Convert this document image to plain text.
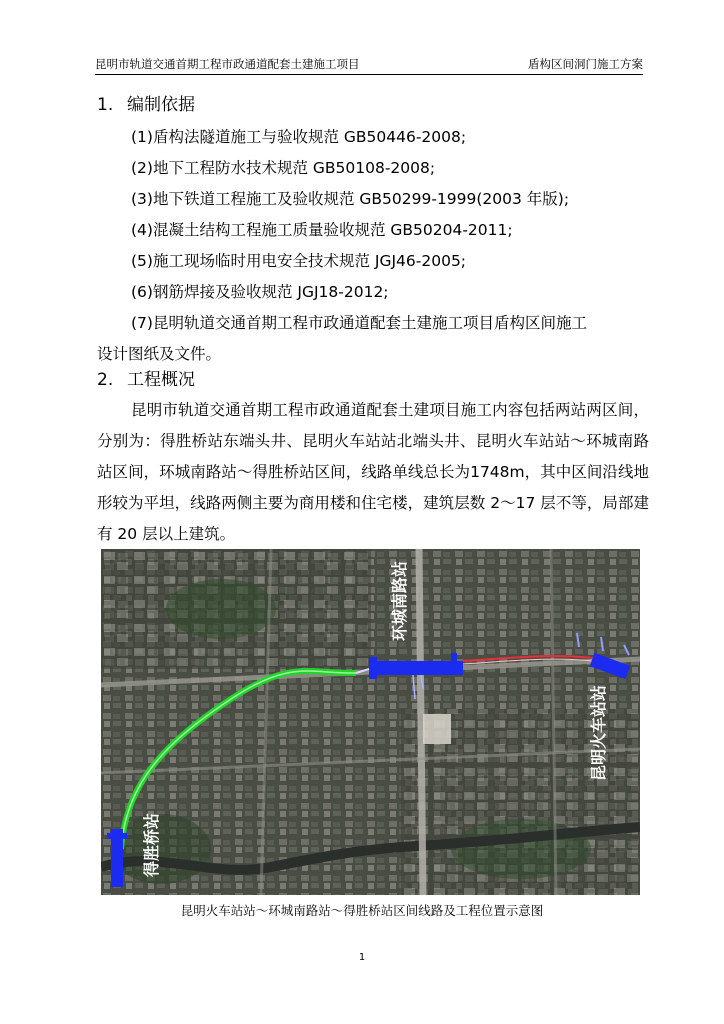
昆明市轨道交通首期工程市政通道配套土建施工项目	盾构区间洞门施工方案
1. 编制依据
(1)盾构法隧道施工与验收规范 GB50446-2008;
(2)地下工程防水技术规范 GB50108-2008;
(3)地下铁道工程施工及验收规范 GB50299-1999(2003 年版);
(4)混凝土结构工程施工质量验收规范 GB50204-2011;
(5)施工现场临时用电安全技术规范 JGJ46-2005;
(6)钢筋焊接及验收规范 JGJ18-2012;
(7)昆明轨道交通首期工程市政通道配套土建施工项目盾构区间施工
设计图纸及文件。
2. 工程概况
昆明市轨道交通首期工程市政通道配套土建项目施工内容包括两站两区间，分别为：得胜桥站东端头井、昆明火车站站北端头井、昆明火车站站～环城南路站区间，环城南路站～得胜桥站区间，线路单线总长为1748m，其中区间沿线地形较为平坦，线路两侧主要为商用楼和住宅楼，建筑层数 2～17 层不等，局部建有 20 层以上建筑。
环城南路站
昆明火车站站
得胜桥站
昆明火车站站～环城南路站～得胜桥站区间线路及工程位置示意图
1
